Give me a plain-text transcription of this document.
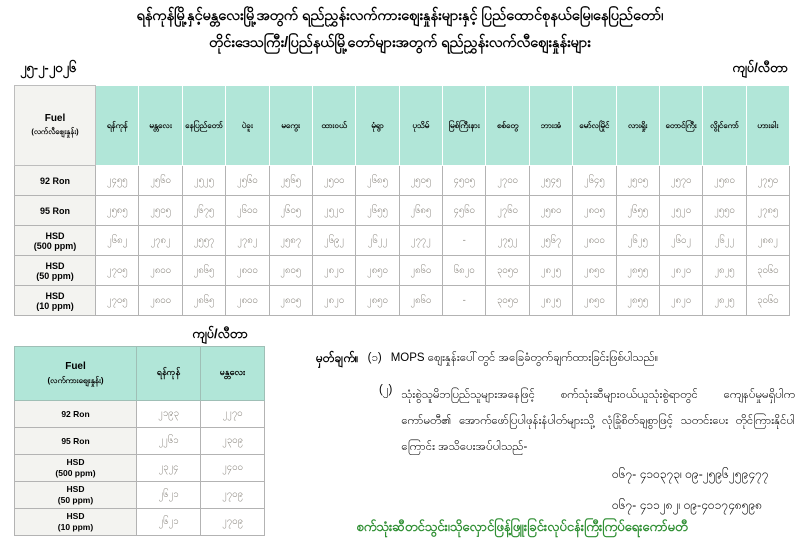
ရန်ကုန်မြို့နှင့်မန္တလေးမြို့အတွက် ရည်ညွှန်းလက်ကားဈေးနှုန်းများနှင့် ပြည်ထောင်စုနယ်မြေ၊နေပြည်တော်၊
တိုင်းဒေသကြီး/ပြည်နယ်မြို့တော်များအတွက် ရည်ညွှန်းလက်လီဈေးနှုန်းများ
၂၅-၂-၂၀၂၆	ကျပ်/လီတာ
Fuel
(လက်လီဈေးနှုန်း)	ရန်ကုန်	မန္တလေး	နေပြည်တော်	ပဲခူး	မကွေး	ထားဝယ်	မုံရွာ	ပုသိမ်	မြစ်ကြီးနား	စစ်တွေ	ဘားအံ	မော်လမြိုင်	လားရှိုး	တောင်ကြီး	လွိုင်ကော်	ဟားခါး

92 Ron	၂၄၅၅	၂၅၆၀	၂၅၂၅	၂၅၆၀	၂၅၆၅	၂၅၀၀	၂၆၈၅	၂၅၀၅	၄၅၀၅	၂၇၀၀	၂၅၄၅	၂၆၄၅	၂၅၀၅	၂၅၇၀	၂၅၈၀	၂၇၅၀

95 Ron	၂၅၈၅	၂၅၀၅	၂၆၇၅	၂၆၀၀	၂၆၀၅	၂၅၂၀	၂၆၅၅	၂၆၈၅	၄၅၆၀	၂၇၆၀	၂၅၈၀	၂၈၀၅	၂၆၅၅	၂၅၂၀	၂၅၅၀	၂၇၈၅

HSD
(500 ppm)	၂၆၈၂	၂၇၈၂	၂၅၅၇	၂၇၈၂	၂၅၈၇	၂၆၉၂	၂၆၂၂	၂၇၇၂	-	၂၇၅၂	၂၅၆၇	၂၈၀၀	၂၆၂၅	၂၆၀၂	၂၆၂၂	၂၈၈၂

HSD
(50 ppm)	၂၇၀၅	၂၈၀၀	၂၈၆၅	၂၈၀၀	၂၈၀၅	၂၈၂၀	၂၈၅၀	၂၈၆၀	၆၈၂၀	၃၀၅၀	၂၈၂၅	၂၈၅၀	၂၈၅၅	၂၈၂၀	၂၈၂၅	၃၀၆၀

HSD
(10 ppm)	၂၇၀၅	၂၈၀၀	၂၈၆၅	၂၈၀၀	၂၈၀၅	၂၈၂၀	၂၈၅၀	၂၈၆၀	-	၃၀၅၀	၂၈၂၅	၂၈၅၀	၂၈၅၅	၂၈၂၀	၂၈၂၅	၃၀၆၀
ကျပ်/လီတာ
Fuel
(လက်ကားဈေးနှုန်း)	ရန်ကုန်	မန္တလေး

92 Ron	၂၁၉၃	၂၂၇၀

95 Ron	၂၂၆၁	၂၃၀၉

HSD
(500 ppm)	၂၃၂၄	၂၄၀၀

HSD
(50 ppm)	၂၆၂၁	၂၇၀၉

HSD
(10 ppm)	၂၆၂၁	၂၇၀၉
မှတ်ချက်။ (၁) MOPS ဈေးနှုန်းပေါ်တွင် အခြေခံတွက်ချက်ထားခြင်းဖြစ်ပါသည်။
(၂) သုံးစွဲသူမိဘပြည်သူများအနေဖြင့် စက်သုံးဆီများဝယ်ယူသုံးစွဲရာတွင် ကျေနပ်မှုမရှိပါက ကော်မတီ၏ အောက်ဖော်ပြပါဖုန်းနံပါတ်များသို့ လုံခြုံစိတ်ချစွာဖြင့် သတင်းပေး တိုင်ကြားနိုင်ပါကြောင်း အသိပေးအပ်ပါသည်-
ဝ၆၇- ၄၁၀၃၇၃၊ ဝ၉-၂၅၉၆၂၅၉၄၇၇
ဝ၆၇- ၄၁၁၂၈၂၊ ဝ၉-၄၀၁၇၄၈၅၉၈
စက်သုံးဆီတင်သွင်း၊သိုလှောင်ဖြန့်ဖြူးခြင်းလုပ်ငန်းကြီးကြပ်ရေးကော်မတီ
